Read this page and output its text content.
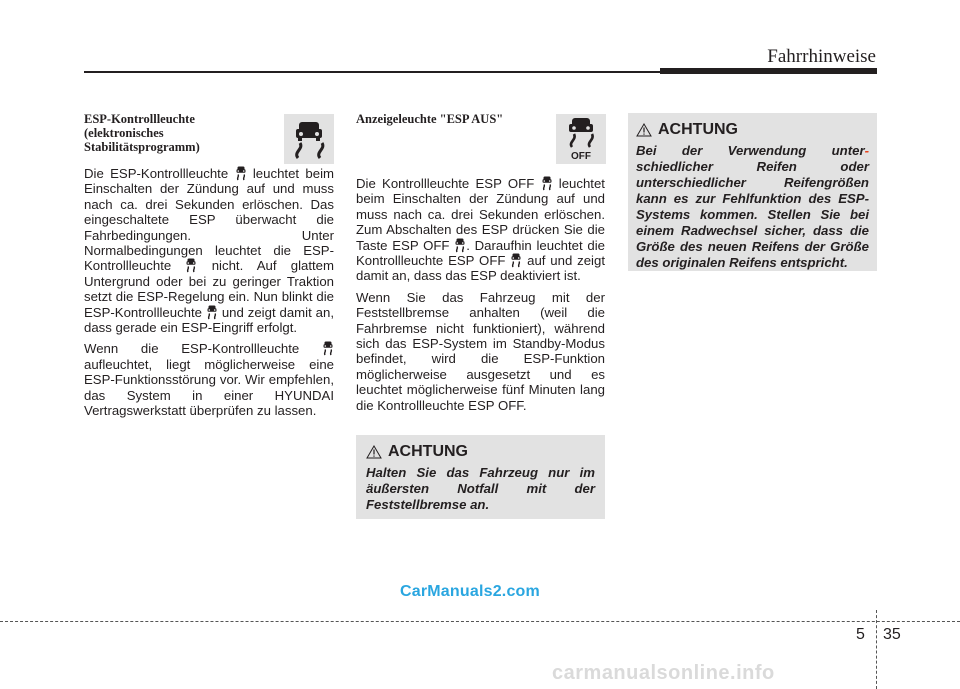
Fahrrhinweise
ESP-Kontrollleuchte
(elektronisches
Stabilitätsprogramm)

Die ESP-Kontrollleuchte leuchtet beim Einschalten der Zündung auf und muss nach ca. drei Sekunden erlöschen. Das eingeschaltete ESP überwacht die Fahrbedingungen. Unter Normalbedingungen leuchtet die ESP-Kontrollleuchte	nicht. Auf glattem Untergrund oder bei zu geringer Traktion setzt die ESP-Regelung ein. Nun blinkt die ESP-Kontrollleuchte und zeigt damit an, dass gerade ein ESP-Eingriff erfolgt.

Wenn die ESP-Kontrollleuchte  aufleuchtet, liegt möglicherweise eine ESP-Funktionsstörung vor. Wir empfehlen, das System in einer HYUNDAI Vertragswerkstatt überprüfen zu lassen.

Anzeigeleuchte "ESP AUS"

Die Kontrollleuchte ESP OFF leuchtet beim Einschalten der Zündung auf und muss nach ca. drei Sekunden erlöschen. Zum Abschalten des ESP drücken Sie die Taste ESP OFF . Daraufhin leuchtet die Kontrollleuchte ESP OFF auf und zeigt damit an, dass das ESP deaktiviert ist.

Wenn Sie das Fahrzeug mit der Feststellbremse anhalten (weil die Fahrbremse nicht funktioniert), während sich das ESP-System im Standby-Modus befindet, wird die ESP-Funktion möglicherweise ausgesetzt und es leuchtet möglicherweise fünf Minuten lang die Kontrollleuchte ESP OFF.

OFF
ACHTUNG
Halten Sie das Fahrzeug nur im äußersten Notfall mit der Feststellbremse an.
ACHTUNG
Bei der Verwendung unter- schiedlicher Reifen oder unterschiedlicher Reifengrößen kann es zur Fehlfunktion des ESP-Systems kommen. Stellen Sie bei einem Radwechsel sicher, dass die Größe des neuen Reifens der Größe des originalen Reifens entspricht.
CarManuals2.com
5 35
carmanualsonline.info
